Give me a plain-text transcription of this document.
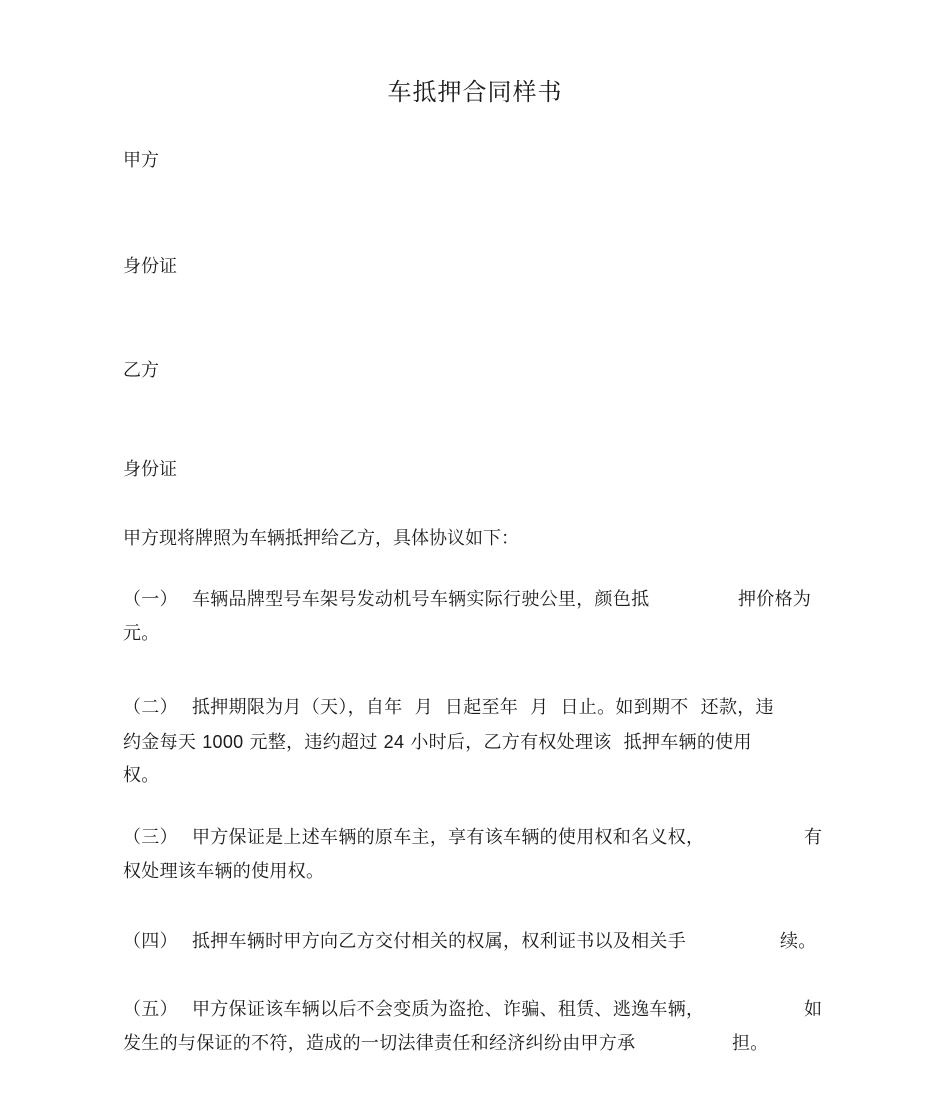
车抵押合同样书
甲方
身份证
乙方
身份证
甲方现将牌照为车辆抵押给乙方，具体协议如下：
（一） 车辆品牌型号车架号发动机号车辆实际行驶公里，颜色抵	押价格为
元。
（二） 抵押期限为月（天），自年  月  日起至年  月  日止。如到期不  还款，违
约金每天 1000 元整，违约超过 24 小时后，乙方有权处理该  抵押车辆的使用
权。
（三） 甲方保证是上述车辆的原车主，享有该车辆的使用权和名义权，	有
权处理该车辆的使用权。
（四） 抵押车辆时甲方向乙方交付相关的权属，权利证书以及相关手	续。
（五） 甲方保证该车辆以后不会变质为盗抢、诈骗、租赁、逃逸车辆，	如
发生的与保证的不符，造成的一切法律责任和经济纠纷由甲方承	担。
